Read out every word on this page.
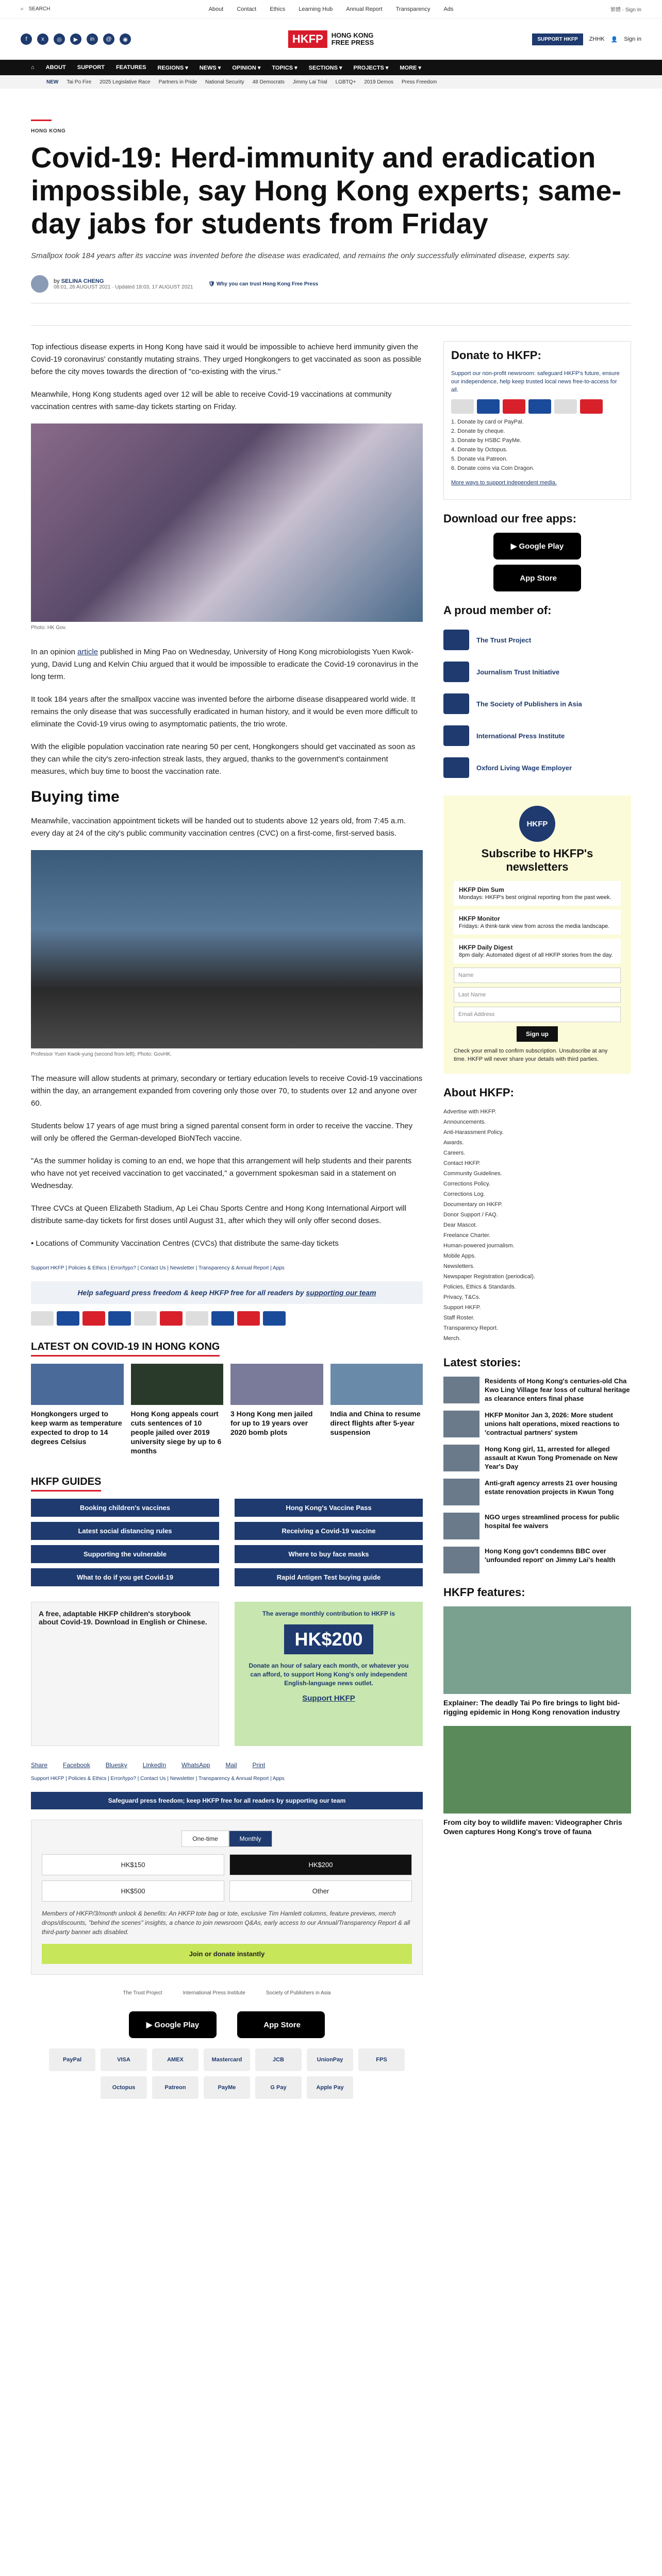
⌕ SEARCH	About Contact Ethics Learning Hub Annual Report Transparency Ads	繁體 · Sign In
f	x	◎	▶	in	@	◉	HKFP	HONG KONG
FREE PRESS	SUPPORT HKFP	ZHHK 👤 Sign in
⌂ ABOUT SUPPORT FEATURES REGIONS ▾ NEWS ▾ OPINION ▾ TOPICS ▾ SECTIONS ▾ PROJECTS ▾ MORE ▾
NEW Tai Po Fire 2025 Legislative Race Partners in Pride National Security 48 Democrats Jimmy Lai Trial LGBTQ+ 2019 Demos Press Freedom
HONG KONG
Covid-19: Herd-immunity and eradication impossible, say Hong Kong experts; same-day jabs for students from Friday
Smallpox took 184 years after its vaccine was invented before the disease was eradicated, and remains the only successfully eliminated disease, experts say.
by SELINA CHENG
08:01, 26 AUGUST 2021 · Updated 18:03, 17 AUGUST 2021
🛡 Why you can trust Hong Kong Free Press

Top infectious disease experts in Hong Kong have said it would be impossible to achieve herd immunity given the Covid-19 coronavirus' constantly mutating strains. They urged Hongkongers to get vaccinated as soon as possible before the city moves towards the direction of "co-existing with the virus."

Meanwhile, Hong Kong students aged over 12 will be able to receive Covid-19 vaccinations at community vaccination centres with same-day tickets starting on Friday.

Photo: HK Gov.

In an opinion article published in Ming Pao on Wednesday, University of Hong Kong microbiologists Yuen Kwok-yung, David Lung and Kelvin Chiu argued that it would be impossible to eradicate the Covid-19 coronavirus in the long term.

It took 184 years after the smallpox vaccine was invented before the airborne disease disappeared world wide. It remains the only disease that was successfully eradicated in human history, and it would be even more difficult to eliminate the Covid-19 virus owing to asymptomatic patients, the trio wrote.

With the eligible population vaccination rate nearing 50 per cent, Hongkongers should get vaccinated as soon as they can while the city's zero-infection streak lasts, they argued, thanks to the government's containment measures, which buy time to boost the vaccination rate.

Buying time

Meanwhile, vaccination appointment tickets will be handed out to students above 12 years old, from 7:45 a.m. every day at 24 of the city's public community vaccination centres (CVC) on a first-come, first-served basis.

Professor Yuen Kwok-yung (second from left). Photo: GovHK.

The measure will allow students at primary, secondary or tertiary education levels to receive Covid-19 vaccinations within the day, an arrangement expanded from covering only those over 70, to students over 12 and anyone over 60.

Students below 17 years of age must bring a signed parental consent form in order to receive the vaccine. They will only be offered the German-developed BioNTech vaccine.

"As the summer holiday is coming to an end, we hope that this arrangement will help students and their parents who have not yet received vaccination to get vaccinated," a government spokesman said in a statement on Wednesday.

Three CVCs at Queen Elizabeth Stadium, Ap Lei Chau Sports Centre and Hong Kong International Airport will distribute same-day tickets for first doses until August 31, after which they will only offer second doses.

• Locations of Community Vaccination Centres (CVCs) that distribute the same-day tickets
Support HKFP | Policies & Ethics | Error/typo? | Contact Us | Newsletter | Transparency & Annual Report | Apps
Help safeguard press freedom & keep HKFP free for all readers by supporting our team
LATEST ON COVID-19 IN HONG KONG
Hongkongers urged to keep warm as temperature expected to drop to 14 degrees Celsius
Hong Kong appeals court cuts sentences of 10 people jailed over 2019 university siege by up to 6 months
3 Hong Kong men jailed for up to 19 years over 2020 bomb plots
India and China to resume direct flights after 5-year suspension
HKFP GUIDES
Booking children's vaccines	Hong Kong's Vaccine Pass
Latest social distancing rules	Receiving a Covid-19 vaccine
Supporting the vulnerable	Where to buy face masks
What to do if you get Covid-19	Rapid Antigen Test buying guide
A free, adaptable HKFP children's storybook about Covid-19. Download in English or Chinese.
The average monthly contribution to HKFP is
HK$200
Donate an hour of salary each month, or whatever you can afford, to support Hong Kong's only independent English-language news outlet.
Support HKFP
Share	Facebook	Bluesky	LinkedIn	WhatsApp	Mail	Print
Support HKFP | Policies & Ethics | Error/typo? | Contact Us | Newsletter | Transparency & Annual Report | Apps
Safeguard press freedom; keep HKFP free for all readers by supporting our team
One-time	Monthly
HK$150	HK$200
HK$500	Other
Members of HKFP/3/month unlock & benefits: An HKFP tote bag or tote, exclusive Tim Hamlett columns, feature previews, merch drops/discounts, "behind the scenes" insights, a chance to join newsroom Q&As, early access to our Annual/Transparency Report & all third-party banner ads disabled.
Join or donate instantly
The Trust Project	International Press Institute	Society of Publishers in Asia
▶
Google Play
	App Store
PayPal	VISA	AMEX	Mastercard	JCB	UnionPay	FPS
Octopus	Patreon	PayMe	G Pay	Apple Pay
Donate to HKFP:

Support our non-profit newsroom: safeguard HKFP's future, ensure our independence, help keep trusted local news free-to-access for all.

1. Donate by card or PayPal.
2. Donate by cheque.
3. Donate by HSBC PayMe.
4. Donate by Octopus.
5. Donate via Patreon.
6. Donate coins via Coin Dragon.

More ways to support independent media.

Download our free apps:
▶
Google Play

App Store
A proud member of:
The Trust Project
Journalism Trust Initiative
The Society of Publishers in Asia
International Press Institute
Oxford Living Wage Employer
HKFP
Subscribe to HKFP's newsletters
HKFP Dim Sum
Mondays: HKFP's best original reporting from the past week.
HKFP Monitor
Fridays: A think-tank view from across the media landscape.
HKFP Daily Digest
8pm daily: Automated digest of all HKFP stories from the day.
Name
Last Name
Email Address
Sign up
Check your email to confirm subscription. Unsubscribe at any time. HKFP will never share your details with third parties.
About HKFP:
Advertise with HKFP.
Announcements.
Anti-Harassment Policy.
Awards.
Careers.
Contact HKFP.
Community Guidelines.
Corrections Policy.
Corrections Log.
Documentary on HKFP.
Donor Support / FAQ.
Dear Mascot.
Freelance Charter.
Human-powered journalism.
Mobile Apps.
Newsletters.
Newspaper Registration (periodical).
Policies, Ethics & Standards.
Privacy, T&Cs.
Support HKFP.
Staff Roster.
Transparency Report.
Merch.
Latest stories:
Residents of Hong Kong's centuries-old Cha Kwo Ling Village fear loss of cultural heritage as clearance enters final phase
HKFP Monitor Jan 3, 2026: More student unions halt operations, mixed reactions to 'contractual partners' system
Hong Kong girl, 11, arrested for alleged assault at Kwun Tong Promenade on New Year's Day
Anti-graft agency arrests 21 over housing estate renovation projects in Kwun Tong
NGO urges streamlined process for public hospital fee waivers
Hong Kong gov't condemns BBC over 'unfounded report' on Jimmy Lai's health
HKFP features:
Explainer: The deadly Tai Po fire brings to light bid-rigging epidemic in Hong Kong renovation industry
From city boy to wildlife maven: Videographer Chris Owen captures Hong Kong's trove of fauna
